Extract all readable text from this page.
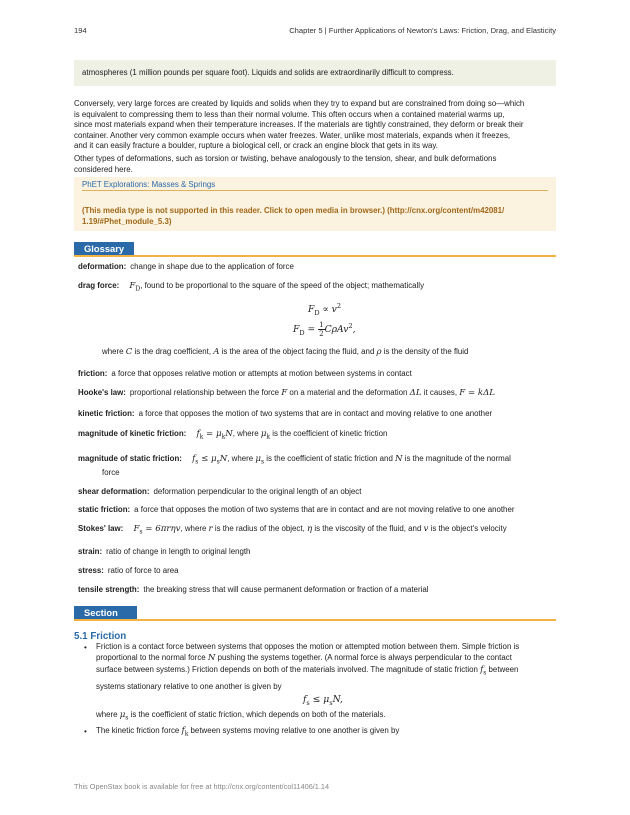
194	Chapter 5 | Further Applications of Newton's Laws: Friction, Drag, and Elasticity
atmospheres (1 million pounds per square foot). Liquids and solids are extraordinarily difficult to compress.
Conversely, very large forces are created by liquids and solids when they try to expand but are constrained from doing so—which
is equivalent to compressing them to less than their normal volume. This often occurs when a contained material warms up,
since most materials expand when their temperature increases. If the materials are tightly constrained, they deform or break their
container. Another very common example occurs when water freezes. Water, unlike most materials, expands when it freezes,
and it can easily fracture a boulder, rupture a biological cell, or crack an engine block that gets in its way.
Other types of deformations, such as torsion or twisting, behave analogously to the tension, shear, and bulk deformations
considered here.
PhET Explorations: Masses & Springs
(This media type is not supported in this reader. Click to open media in browser.) (http://cnx.org/content/m42081/
1.19/#Phet_module_5.3)
Glossary
deformation: change in shape due to the application of force
drag force: $F_D$, found to be proportional to the square of the speed of the object; mathematically
$F_D \propto v^2$
$F_D = \frac{1}{2} C\rho Av^2$,
where C is the drag coefficient, A is the area of the object facing the fluid, and ρ is the density of the fluid
friction: a force that opposes relative motion or attempts at motion between systems in contact
Hooke's law: proportional relationship between the force F on a material and the deformation ΔL it causes, F = kΔL
kinetic friction: a force that opposes the motion of two systems that are in contact and moving relative to one another
magnitude of kinetic friction: $f_k = \mu_kN$, where $\mu_k$ is the coefficient of kinetic friction
magnitude of static friction: $f_s \le \mu_sN$, where $\mu_s$ is the coefficient of static friction and N is the magnitude of the normal
force
shear deformation: deformation perpendicular to the original length of an object
static friction: a force that opposes the motion of two systems that are in contact and are not moving relative to one another
Stokes' law: $F_s = 6\pi r\eta v$, where r is the radius of the object, η is the viscosity of the fluid, and v is the object's velocity
strain: ratio of change in length to original length
stress: ratio of force to area
tensile strength: the breaking stress that will cause permanent deformation or fraction of a material
Section Summary
5.1 Friction
• Friction is a contact force between systems that opposes the motion or attempted motion between them. Simple friction is
proportional to the normal force N pushing the systems together. (A normal force is always perpendicular to the contact
surface between systems.) Friction depends on both of the materials involved. The magnitude of static friction $f_s$ between
systems stationary relative to one another is given by
$f_s \le \mu_sN$,
where $\mu_s$ is the coefficient of static friction, which depends on both of the materials.
• The kinetic friction force $f_k$ between systems moving relative to one another is given by
This OpenStax book is available for free at http://cnx.org/content/col11406/1.14
